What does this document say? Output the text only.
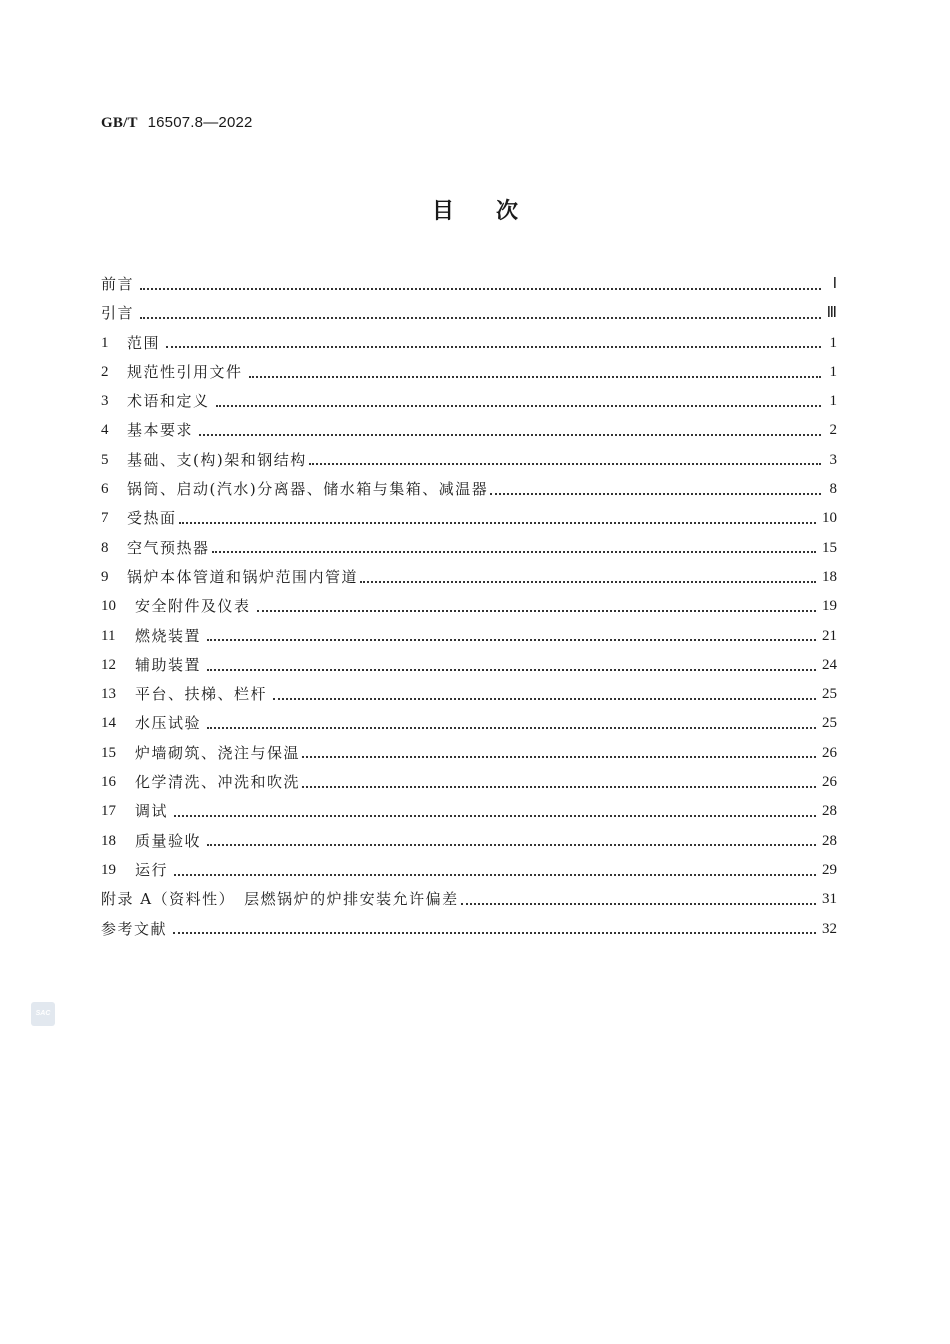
GB/T 16507.8—2022
目次
前言	Ⅰ
引言	Ⅲ
1	范围	1
2	规范性引用文件	1
3	术语和定义	1
4	基本要求	2
5	基础、支(构)架和钢结构	3
6	锅筒、启动(汽水)分离器、储水箱与集箱、减温器	8
7	受热面	10
8	空气预热器	15
9	锅炉本体管道和锅炉范围内管道	18
10	安全附件及仪表	19
11	燃烧装置	21
12	辅助装置	24
13	平台、扶梯、栏杆	25
14	水压试验	25
15	炉墙砌筑、浇注与保温	26
16	化学清洗、冲洗和吹洗	26
17	调试	28
18	质量验收	28
19	运行	29
附录 A（资料性）　层燃锅炉的炉排安装允许偏差	31
参考文献	32
SAC
